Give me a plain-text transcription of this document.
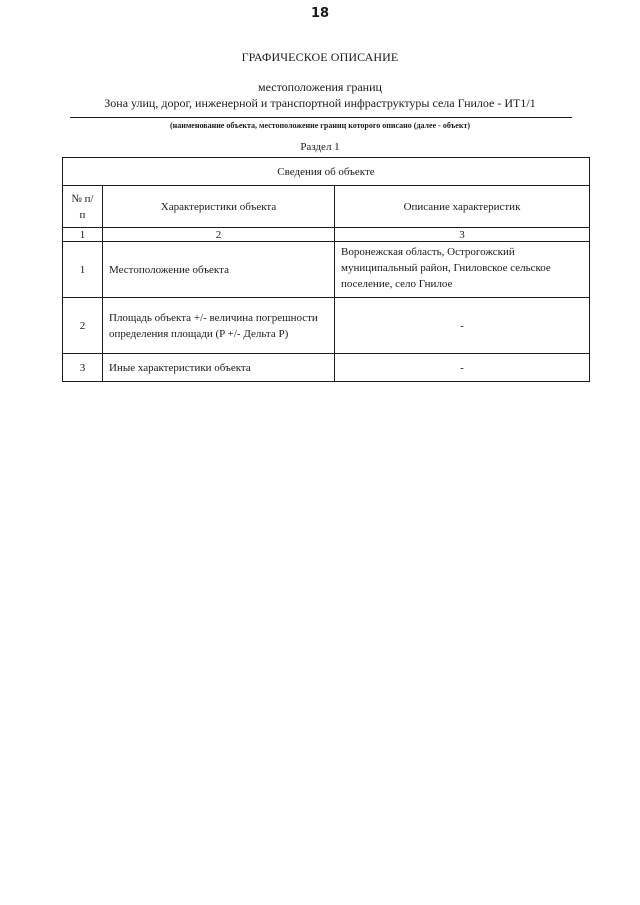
18
ГРАФИЧЕСКОЕ ОПИСАНИЕ
местоположения границ
Зона улиц, дорог, инженерной и транспортной инфраструктуры села Гнилое - ИТ1/1
(наименование объекта, местоположение границ которого описано (далее - объект)
Раздел 1
Сведения об объекте		
№ п/п	Характеристики объекта	Описание характеристик
1	2	3
1	Местоположение объекта	Воронежская область, Острогожский муниципальный район, Гниловское сельское поселение, село Гнилое
2	Площадь объекта +/- величина погрешности определения площади (P +/- Дельта P)	-
3	Иные характеристики объекта	-
